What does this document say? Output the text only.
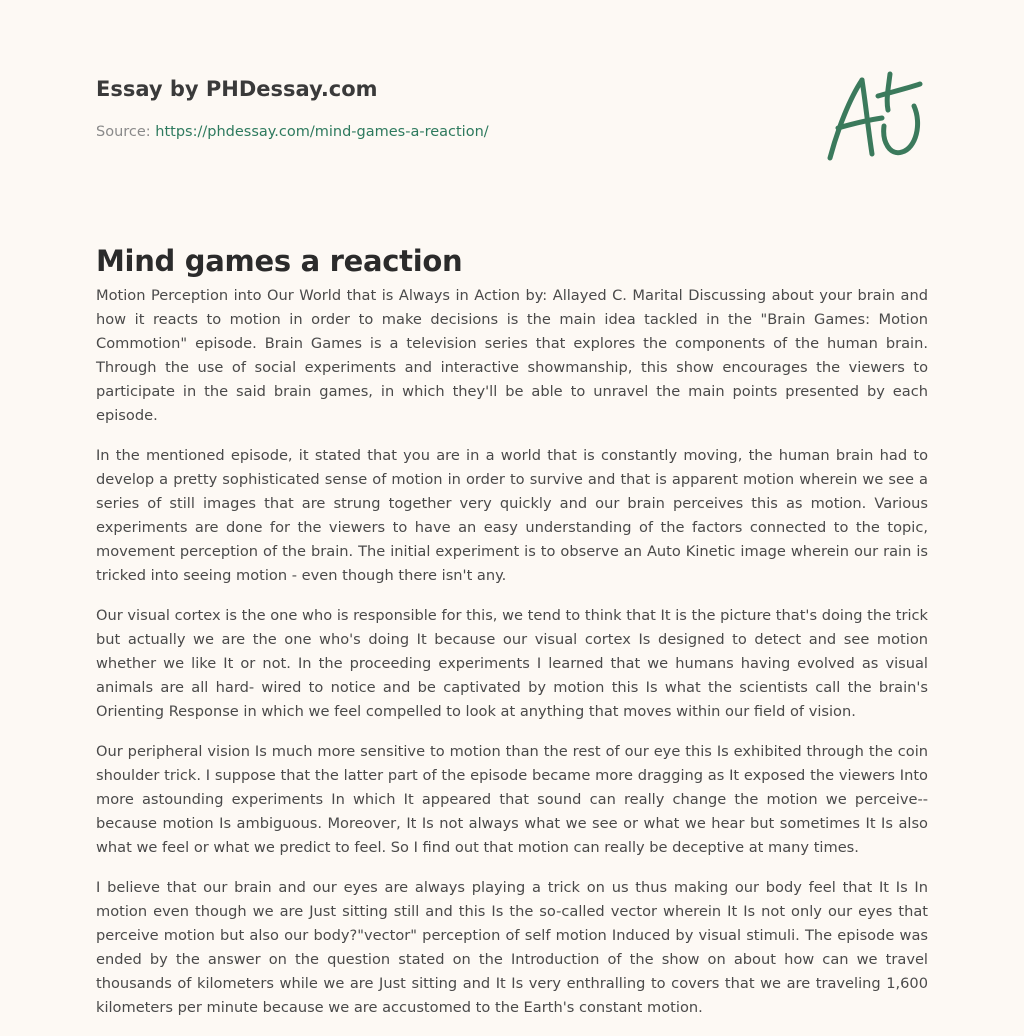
Essay by PHDessay.com
Source: https://phdessay.com/mind-games-a-reaction/
Mind games a reaction

Motion Perception into Our World that is Always in Action by: Allayed C. Marital Discussing about your brain and how it reacts to motion in order to make decisions is the main idea tackled in the "Brain Games: Motion Commotion" episode. Brain Games is a television series that explores the components of the human brain. Through the use of social experiments and interactive showmanship, this show encourages the viewers to participate in the said brain games, in which they'll be able to unravel the main points presented by each episode.

In the mentioned episode, it stated that you are in a world that is constantly moving, the human brain had to develop a pretty sophisticated sense of motion in order to survive and that is apparent motion wherein we see a series of still images that are strung together very quickly and our brain perceives this as motion. Various experiments are done for the viewers to have an easy understanding of the factors connected to the topic, movement perception of the brain. The initial experiment is to observe an Auto Kinetic image wherein our rain is tricked into seeing motion - even though there isn't any.

Our visual cortex is the one who is responsible for this, we tend to think that It is the picture that's doing the trick but actually we are the one who's doing It because our visual cortex Is designed to detect and see motion whether we like It or not. In the proceeding experiments I learned that we humans having evolved as visual animals are all hard- wired to notice and be captivated by motion this Is what the scientists call the brain's Orienting Response in which we feel compelled to look at anything that moves within our field of vision.

Our peripheral vision Is much more sensitive to motion than the rest of our eye this Is exhibited through the coin shoulder trick. I suppose that the latter part of the episode became more dragging as It exposed the viewers Into more astounding experiments In which It appeared that sound can really change the motion we perceive-- because motion Is ambiguous. Moreover, It Is not always what we see or what we hear but sometimes It Is also what we feel or what we predict to feel. So I find out that motion can really be deceptive at many times.

I believe that our brain and our eyes are always playing a trick on us thus making our body feel that It Is In motion even though we are Just sitting still and this Is the so-called vector wherein It Is not only our eyes that perceive motion but also our body?"vector" perception of self motion Induced by visual stimuli. The episode was ended by the answer on the question stated on the Introduction of the show on about how can we travel thousands of kilometers while we are Just sitting and It Is very enthralling to covers that we are traveling 1,600 kilometers per minute because we are accustomed to the Earth's constant motion.
